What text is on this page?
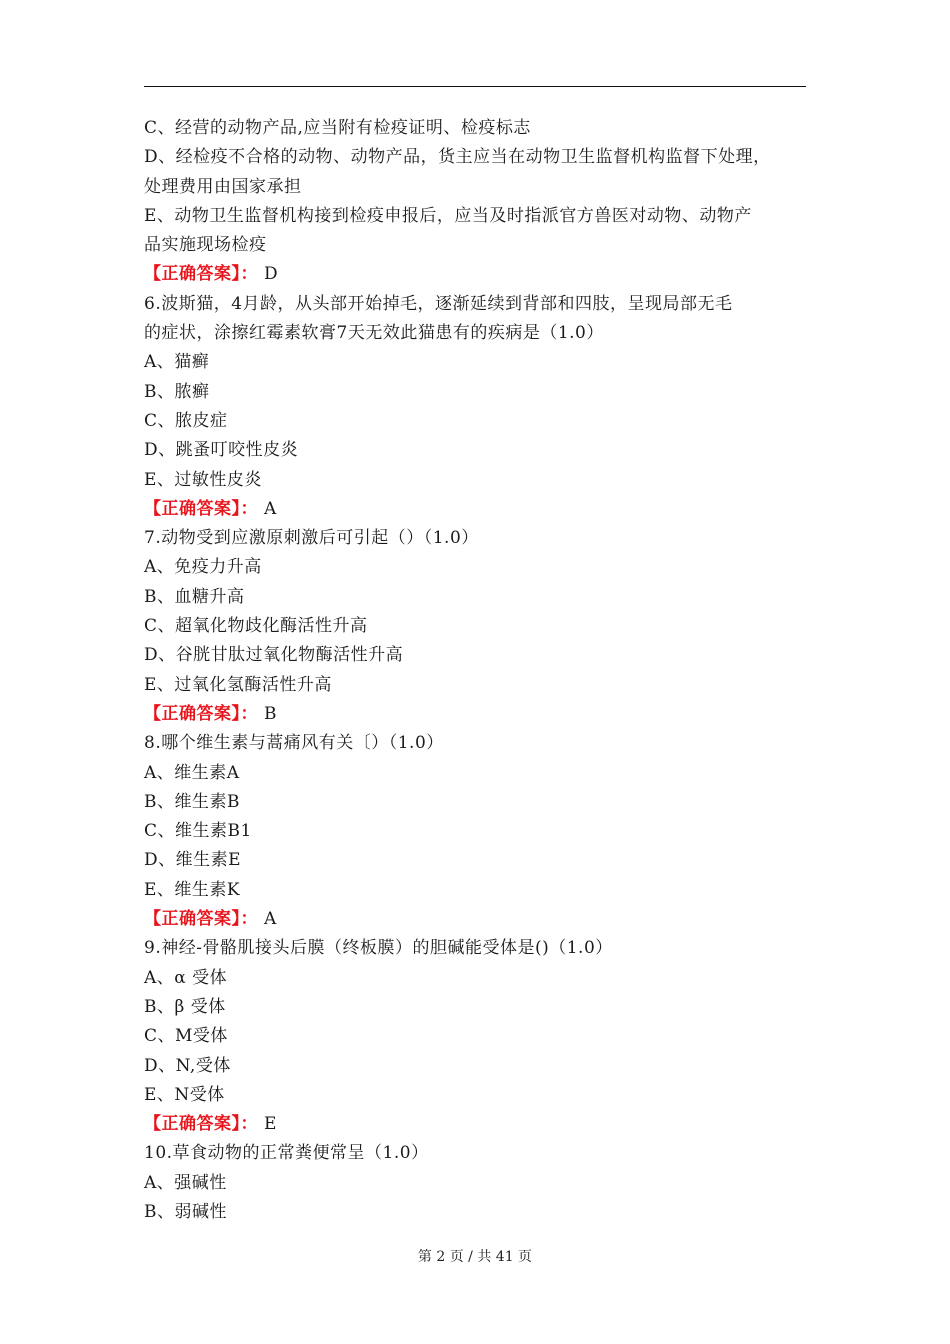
C、经营的动物产品,应当附有检疫证明、检疫标志
D、经检疫不合格的动物、动物产品，货主应当在动物卫生监督机构监督下处理，
处理费用由国家承担
E、动物卫生监督机构接到检疫申报后，应当及时指派官方兽医对动物、动物产
品实施现场检疫
【正确答案】： D
6.波斯猫，4月龄，从头部开始掉毛，逐渐延续到背部和四肢，呈现局部无毛
的症状，涂擦红霉素软膏7天无效此猫患有的疾病是（1.0）
A、猫癣
B、脓癣
C、脓皮症
D、跳蚤叮咬性皮炎
E、过敏性皮炎
【正确答案】： A
7.动物受到应激原刺激后可引起（）（1.0）
A、免疫力升高
B、血糖升高
C、超氧化物歧化酶活性升高
D、谷胱甘肽过氧化物酶活性升高
E、过氧化氢酶活性升高
【正确答案】： B
8.哪个维生素与蒿痛风有关〔）（1.0）
A、维生素A
B、维生素B
C、维生素B1
D、维生素E
E、维生素K
【正确答案】： A
9.神经-骨骼肌接头后膜（终板膜）的胆碱能受体是()（1.0）
A、α 受体
B、β 受体
C、M受体
D、N,受体
E、N受体
【正确答案】： E
10.草食动物的正常粪便常呈（1.0）
A、强碱性
B、弱碱性
第 2 页 / 共 41 页
